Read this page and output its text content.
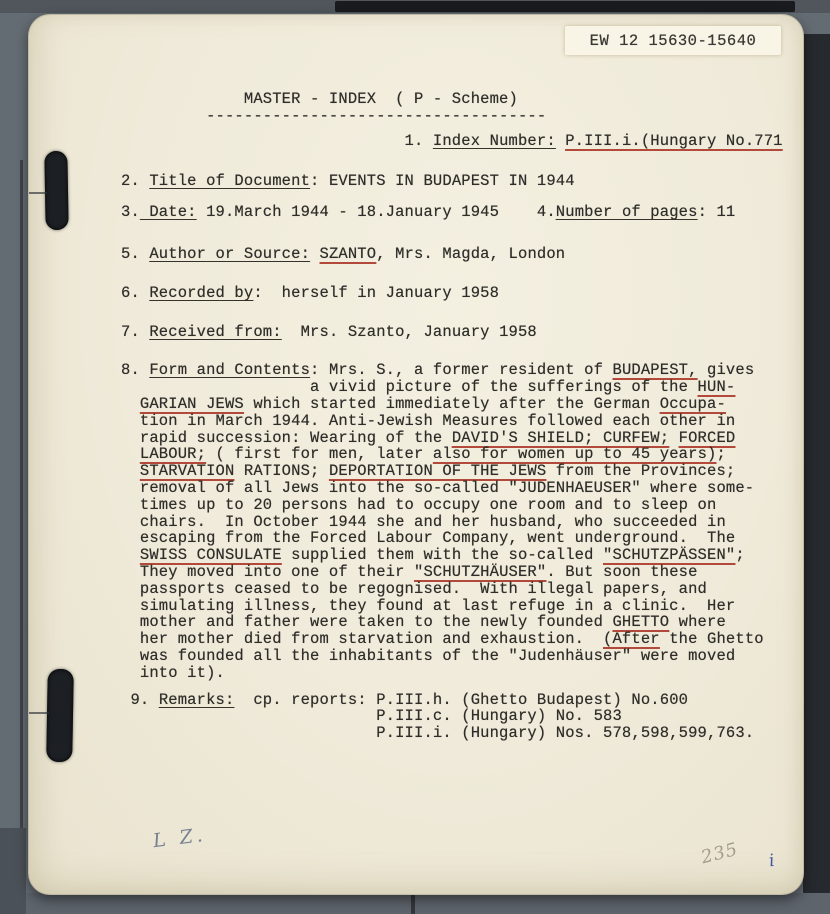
EW 12 15630-15640
MASTER - INDEX  ( P - Scheme)
------------------------------------
1. Index Number: P.III.i.(Hungary No.771
2. Title of Document: EVENTS IN BUDAPEST IN 1944
3. Date: 19.March 1944 - 18.January 1945    4.Number of pages: 11
5. Author or Source: SZANTO, Mrs. Magda, London
6. Recorded by:  herself in January 1958
7. Received from:  Mrs. Szanto, January 1958
8. Form and Contents: Mrs. S., a former resident of BUDAPEST, gives
a vivid picture of the sufferings of the HUN-
GARIAN JEWS which started immediately after the German Occupa-
tion in March 1944. Anti-Jewish Measures followed each other in
rapid succession: Wearing of the DAVID'S SHIELD; CURFEW; FORCED
LABOUR; ( first for men, later also for women up to 45 years);
STARVATION RATIONS; DEPORTATION OF THE JEWS from the Provinces;
removal of all Jews into the so-called "JUDENHAEUSER" where some-
times up to 20 persons had to occupy one room and to sleep on
chairs.  In October 1944 she and her husband, who succeeded in
escaping from the Forced Labour Company, went underground.  The
SWISS CONSULATE supplied them with the so-called "SCHUTZPÄSSEN";
They moved into one of their "SCHUTZHÄUSER". But soon these
passports ceased to be regognised.  With illegal papers, and
simulating illness, they found at last refuge in a clinic.  Her
mother and father were taken to the newly founded GHETTO where
her mother died from starvation and exhaustion.  (After the Ghetto
was founded all the inhabitants of the "Judenhäuser" were moved
into it).
9. Remarks:  cp. reports: P.III.h. (Ghetto Budapest) No.600
P.III.c. (Hungary) No. 583
P.III.i. (Hungary) Nos. 578,598,599,763.
L Z.
235 i
